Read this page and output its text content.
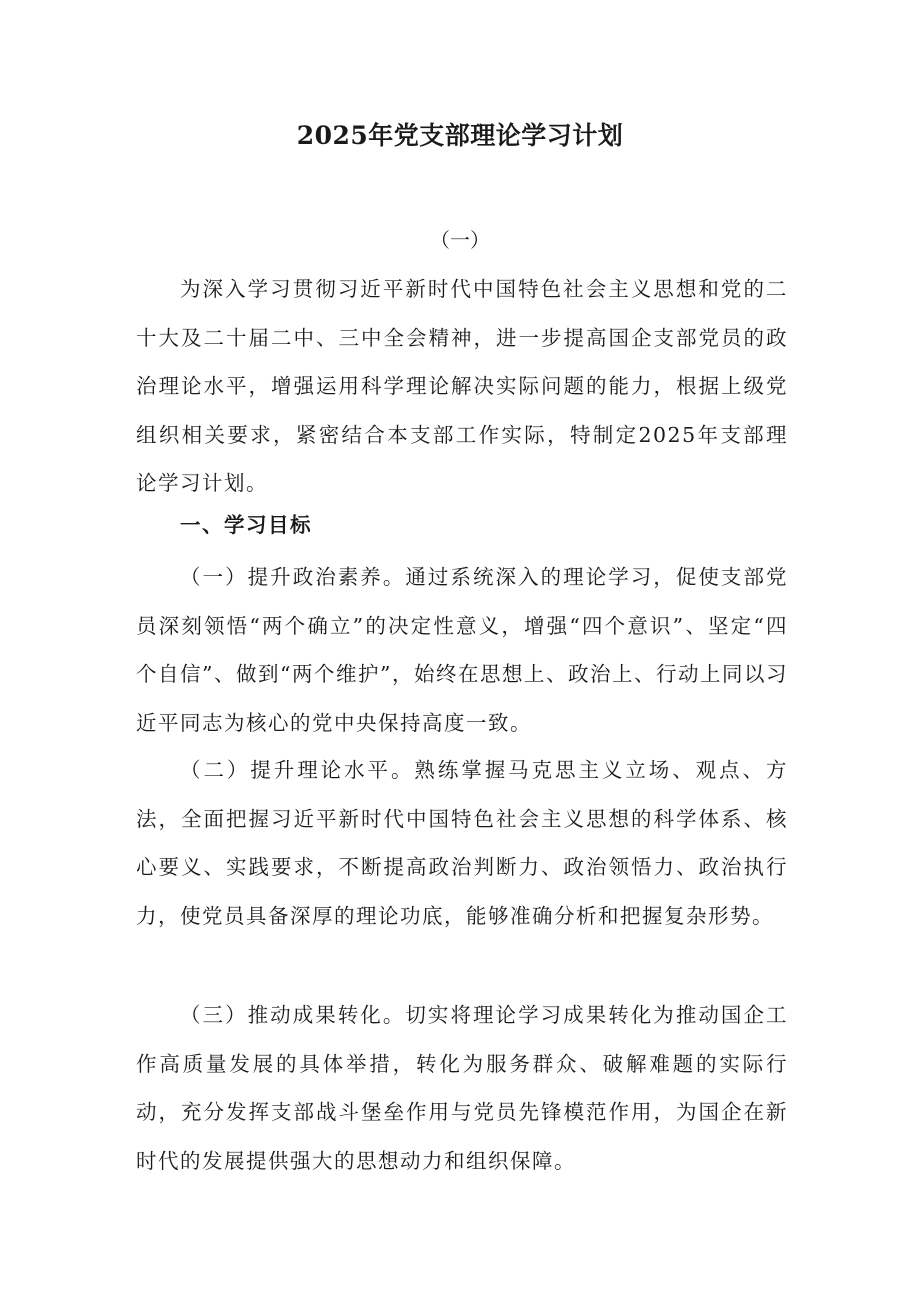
2025年党支部理论学习计划

（一）

为深入学习贯彻习近平新时代中国特色社会主义思想和党的二十大及二十届二中、三中全会精神，进一步提高国企支部党员的政治理论水平，增强运用科学理论解决实际问题的能力，根据上级党组织相关要求，紧密结合本支部工作实际，特制定2025年支部理论学习计划。

一、学习目标

（一）提升政治素养。通过系统深入的理论学习，促使支部党员深刻领悟“两个确立”的决定性意义，增强“四个意识”、坚定“四个自信”、做到“两个维护”，始终在思想上、政治上、行动上同以习近平同志为核心的党中央保持高度一致。

（二）提升理论水平。熟练掌握马克思主义立场、观点、方法，全面把握习近平新时代中国特色社会主义思想的科学体系、核心要义、实践要求，不断提高政治判断力、政治领悟力、政治执行力，使党员具备深厚的理论功底，能够准确分析和把握复杂形势。

（三）推动成果转化。切实将理论学习成果转化为推动国企工作高质量发展的具体举措，转化为服务群众、破解难题的实际行动，充分发挥支部战斗堡垒作用与党员先锋模范作用，为国企在新时代的发展提供强大的思想动力和组织保障。
